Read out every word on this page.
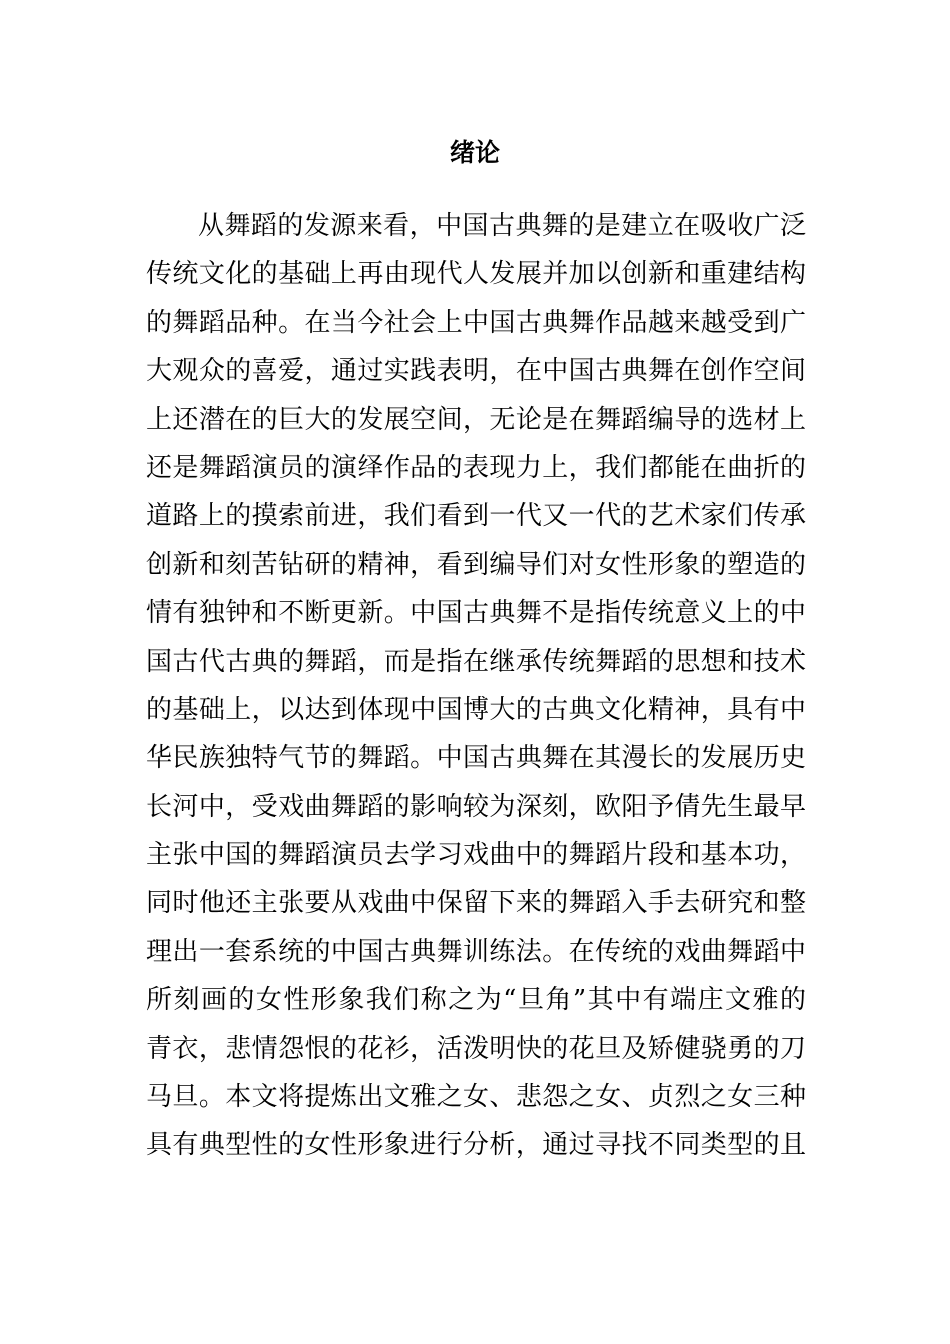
绪论
从舞蹈的发源来看，中国古典舞的是建立在吸收广泛
传统文化的基础上再由现代人发展并加以创新和重建结构
的舞蹈品种。在当今社会上中国古典舞作品越来越受到广
大观众的喜爱，通过实践表明，在中国古典舞在创作空间
上还潜在的巨大的发展空间，无论是在舞蹈编导的选材上
还是舞蹈演员的演绎作品的表现力上，我们都能在曲折的
道路上的摸索前进，我们看到一代又一代的艺术家们传承
创新和刻苦钻研的精神，看到编导们对女性形象的塑造的
情有独钟和不断更新。中国古典舞不是指传统意义上的中
国古代古典的舞蹈，而是指在继承传统舞蹈的思想和技术
的基础上，以达到体现中国博大的古典文化精神，具有中
华民族独特气节的舞蹈。中国古典舞在其漫长的发展历史
长河中，受戏曲舞蹈的影响较为深刻，欧阳予倩先生最早
主张中国的舞蹈演员去学习戏曲中的舞蹈片段和基本功，
同时他还主张要从戏曲中保留下来的舞蹈入手去研究和整
理出一套系统的中国古典舞训练法。在传统的戏曲舞蹈中
所刻画的女性形象我们称之为“旦角”其中有端庄文雅的
青衣，悲情怨恨的花衫，活泼明快的花旦及矫健骁勇的刀
马旦。本文将提炼出文雅之女、悲怨之女、贞烈之女三种
具有典型性的女性形象进行分析，通过寻找不同类型的且
